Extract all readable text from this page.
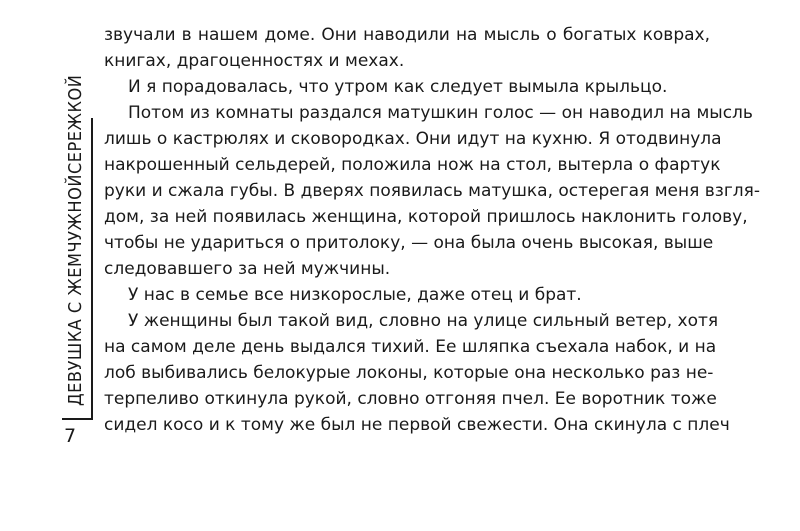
ДЕВУШКА С ЖЕМЧУЖНОЙ
СЕРЕЖКОЙ
7
звучали в нашем доме. Они наводили на мысль о богатых коврах,
книгах, драгоценностях и мехах.
И я порадовалась, что утром как следует вымыла крыльцо.
Потом из комнаты раздался матушкин голос — он наводил на мысль
лишь о кастрюлях и сковородках. Они идут на кухню. Я отодвинула
накрошенный сельдерей, положила нож на стол, вытерла о фартук
руки и сжала губы. В дверях появилась матушка, остерегая меня взгля-
дом, за ней появилась женщина, которой пришлось наклонить голову,
чтобы не удариться о притолоку, — она была очень высокая, выше
следовавшего за ней мужчины.
У нас в семье все низкорослые, даже отец и брат.
У женщины был такой вид, словно на улице сильный ветер, хотя
на самом деле день выдался тихий. Ее шляпка съехала набок, и на
лоб выбивались белокурые локоны, которые она несколько раз не-
терпеливо откинула рукой, словно отгоняя пчел. Ее воротник тоже
сидел косо и к тому же был не первой свежести. Она скинула с плеч
